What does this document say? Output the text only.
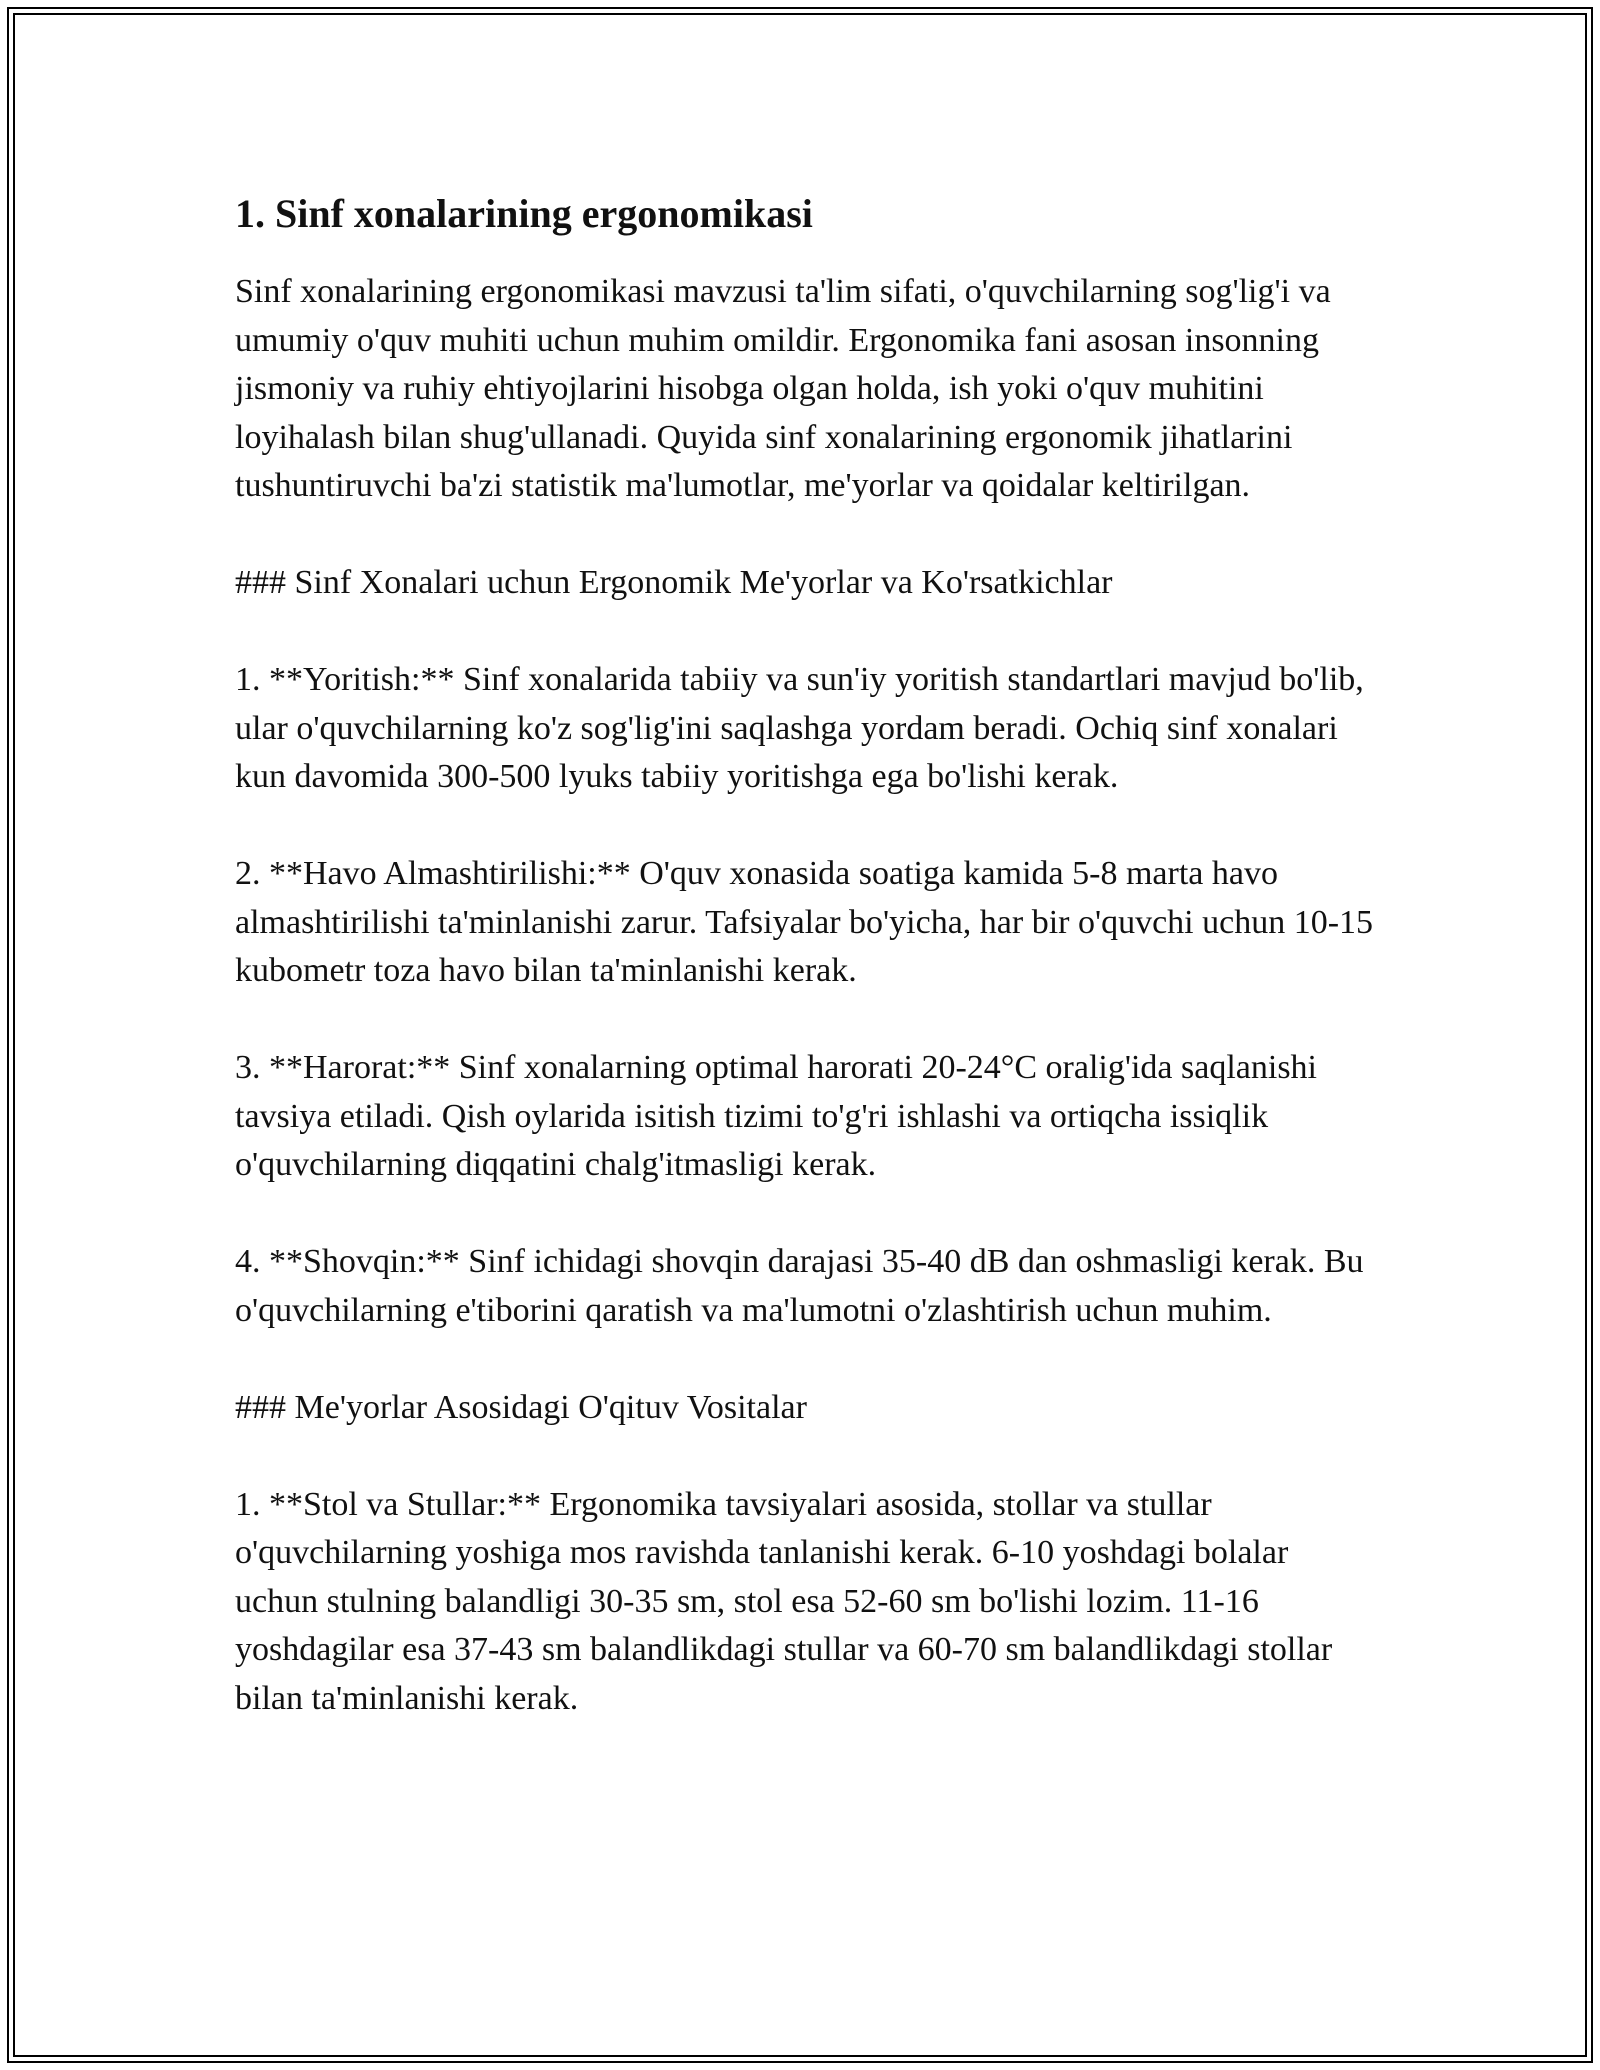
1. Sinf xonalarining ergonomikasi

Sinf xonalarining ergonomikasi mavzusi ta'lim sifati, o'quvchilarning sog'lig'i va umumiy o'quv muhiti uchun muhim omildir. Ergonomika fani asosan insonning jismoniy va ruhiy ehtiyojlarini hisobga olgan holda, ish yoki o'quv muhitini loyihalash bilan shug'ullanadi. Quyida sinf xonalarining ergonomik jihatlarini tushuntiruvchi ba'zi statistik ma'lumotlar, me'yorlar va qoidalar keltirilgan.

### Sinf Xonalari uchun Ergonomik Me'yorlar va Ko'rsatkichlar

1. **Yoritish:** Sinf xonalarida tabiiy va sun'iy yoritish standartlari mavjud bo'lib, ular o'quvchilarning ko'z sog'lig'ini saqlashga yordam beradi. Ochiq sinf xonalari kun davomida 300-500 lyuks tabiiy yoritishga ega bo'lishi kerak.

2. **Havo Almashtirilishi:** O'quv xonasida soatiga kamida 5-8 marta havo almashtirilishi ta'minlanishi zarur. Tafsiyalar bo'yicha, har bir o'quvchi uchun 10-15 kubometr toza havo bilan ta'minlanishi kerak.

3. **Harorat:** Sinf xonalarning optimal harorati 20-24°C oralig'ida saqlanishi tavsiya etiladi. Qish oylarida isitish tizimi to'g'ri ishlashi va ortiqcha issiqlik o'quvchilarning diqqatini chalg'itmasligi kerak.

4. **Shovqin:** Sinf ichidagi shovqin darajasi 35-40 dB dan oshmasligi kerak. Bu o'quvchilarning e'tiborini qaratish va ma'lumotni o'zlashtirish uchun muhim.

### Me'yorlar Asosidagi O'qituv Vositalar

1. **Stol va Stullar:** Ergonomika tavsiyalari asosida, stollar va stullar o'quvchilarning yoshiga mos ravishda tanlanishi kerak. 6-10 yoshdagi bolalar uchun stulning balandligi 30-35 sm, stol esa 52-60 sm bo'lishi lozim. 11-16 yoshdagilar esa 37-43 sm balandlikdagi stullar va 60-70 sm balandlikdagi stollar bilan ta'minlanishi kerak.
